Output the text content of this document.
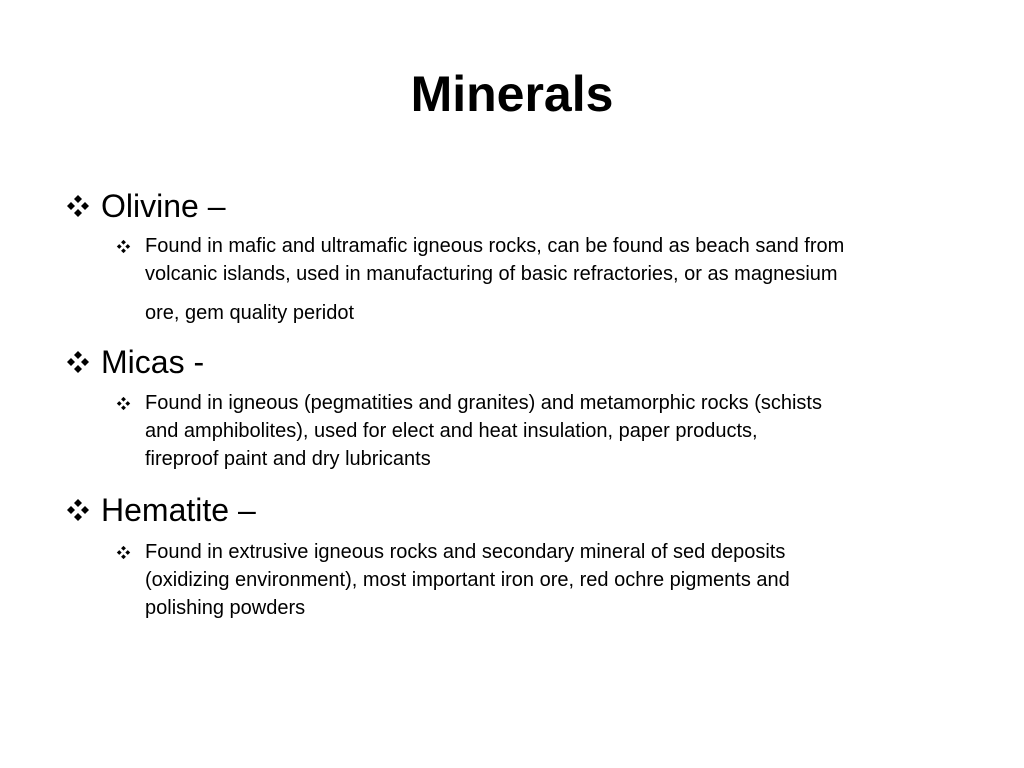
Minerals
Olivine –
Found in mafic and ultramafic igneous rocks, can be found as beach sand from
volcanic islands, used in manufacturing of basic refractories, or as magnesium
ore, gem quality peridot
Micas -
Found in igneous (pegmatities and granites) and metamorphic rocks (schists
and amphibolites), used for elect and heat insulation, paper products,
fireproof paint and dry lubricants
Hematite –
Found in extrusive igneous rocks and secondary mineral of sed deposits
(oxidizing environment), most important iron ore, red ochre pigments and
polishing powders
